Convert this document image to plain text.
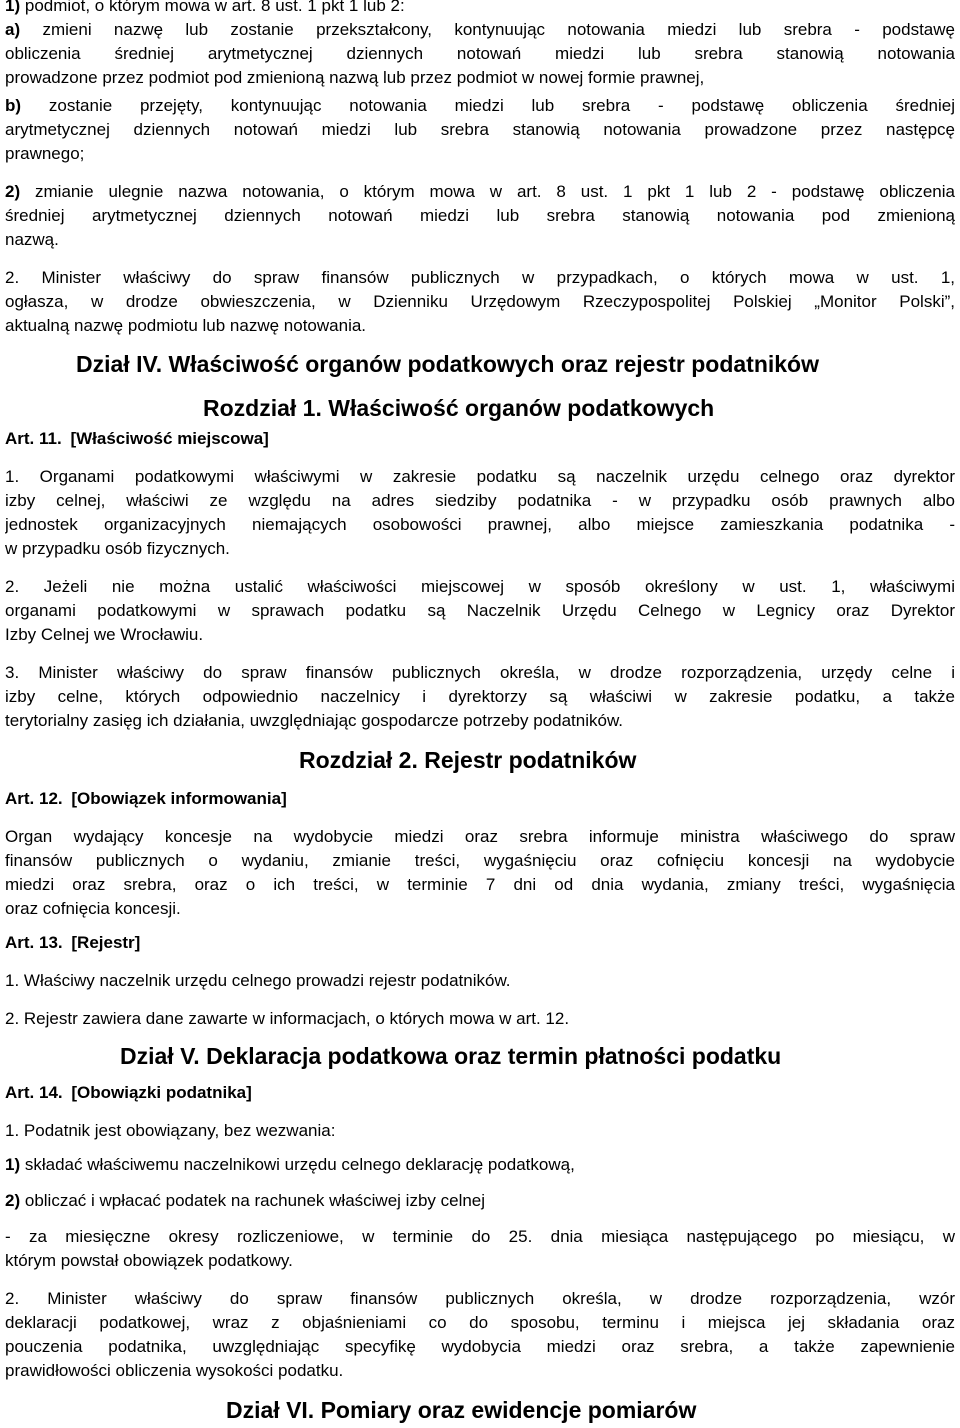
1) podmiot, o którym mowa w art. 8 ust. 1 pkt 1 lub 2:
a) zmieni nazwę lub zostanie przekształcony, kontynuując notowania miedzi lub srebra - podstawę
obliczenia średniej arytmetycznej dziennych notowań miedzi lub srebra stanowią notowania
prowadzone przez podmiot pod zmienioną nazwą lub przez podmiot w nowej formie prawnej,
b) zostanie przejęty, kontynuując notowania miedzi lub srebra - podstawę obliczenia średniej
arytmetycznej dziennych notowań miedzi lub srebra stanowią notowania prowadzone przez następcę
prawnego;
2) zmianie ulegnie nazwa notowania, o którym mowa w art. 8 ust. 1 pkt 1 lub 2 - podstawę obliczenia
średniej arytmetycznej dziennych notowań miedzi lub srebra stanowią notowania pod zmienioną
nazwą.
2. Minister właściwy do spraw finansów publicznych w przypadkach, o których mowa w ust. 1,
ogłasza, w drodze obwieszczenia, w Dzienniku Urzędowym Rzeczypospolitej Polskiej „Monitor Polski”,
aktualną nazwę podmiotu lub nazwę notowania.
Dział IV. Właściwość organów podatkowych oraz rejestr podatników
Rozdział 1. Właściwość organów podatkowych
Art. 11. [Właściwość miejscowa]
1. Organami podatkowymi właściwymi w zakresie podatku są naczelnik urzędu celnego oraz dyrektor
izby celnej, właściwi ze względu na adres siedziby podatnika - w przypadku osób prawnych albo
jednostek organizacyjnych niemających osobowości prawnej, albo miejsce zamieszkania podatnika -
w przypadku osób fizycznych.
2. Jeżeli nie można ustalić właściwości miejscowej w sposób określony w ust. 1, właściwymi
organami podatkowymi w sprawach podatku są Naczelnik Urzędu Celnego w Legnicy oraz Dyrektor
Izby Celnej we Wrocławiu.
3. Minister właściwy do spraw finansów publicznych określa, w drodze rozporządzenia, urzędy celne i
izby celne, których odpowiednio naczelnicy i dyrektorzy są właściwi w zakresie podatku, a także
terytorialny zasięg ich działania, uwzględniając gospodarcze potrzeby podatników.
Rozdział 2. Rejestr podatników
Art. 12. [Obowiązek informowania]
Organ wydający koncesje na wydobycie miedzi oraz srebra informuje ministra właściwego do spraw
finansów publicznych o wydaniu, zmianie treści, wygaśnięciu oraz cofnięciu koncesji na wydobycie
miedzi oraz srebra, oraz o ich treści, w terminie 7 dni od dnia wydania, zmiany treści, wygaśnięcia
oraz cofnięcia koncesji.
Art. 13. [Rejestr]
1. Właściwy naczelnik urzędu celnego prowadzi rejestr podatników.
2. Rejestr zawiera dane zawarte w informacjach, o których mowa w art. 12.
Dział V. Deklaracja podatkowa oraz termin płatności podatku
Art. 14. [Obowiązki podatnika]
1. Podatnik jest obowiązany, bez wezwania:
1) składać właściwemu naczelnikowi urzędu celnego deklarację podatkową,
2) obliczać i wpłacać podatek na rachunek właściwej izby celnej
- za miesięczne okresy rozliczeniowe, w terminie do 25. dnia miesiąca następującego po miesiącu, w
którym powstał obowiązek podatkowy.
2. Minister właściwy do spraw finansów publicznych określa, w drodze rozporządzenia, wzór
deklaracji podatkowej, wraz z objaśnieniami co do sposobu, terminu i miejsca jej składania oraz
pouczenia podatnika, uwzględniając specyfikę wydobycia miedzi oraz srebra, a także zapewnienie
prawidłowości obliczenia wysokości podatku.
Dział VI. Pomiary oraz ewidencje pomiarów
